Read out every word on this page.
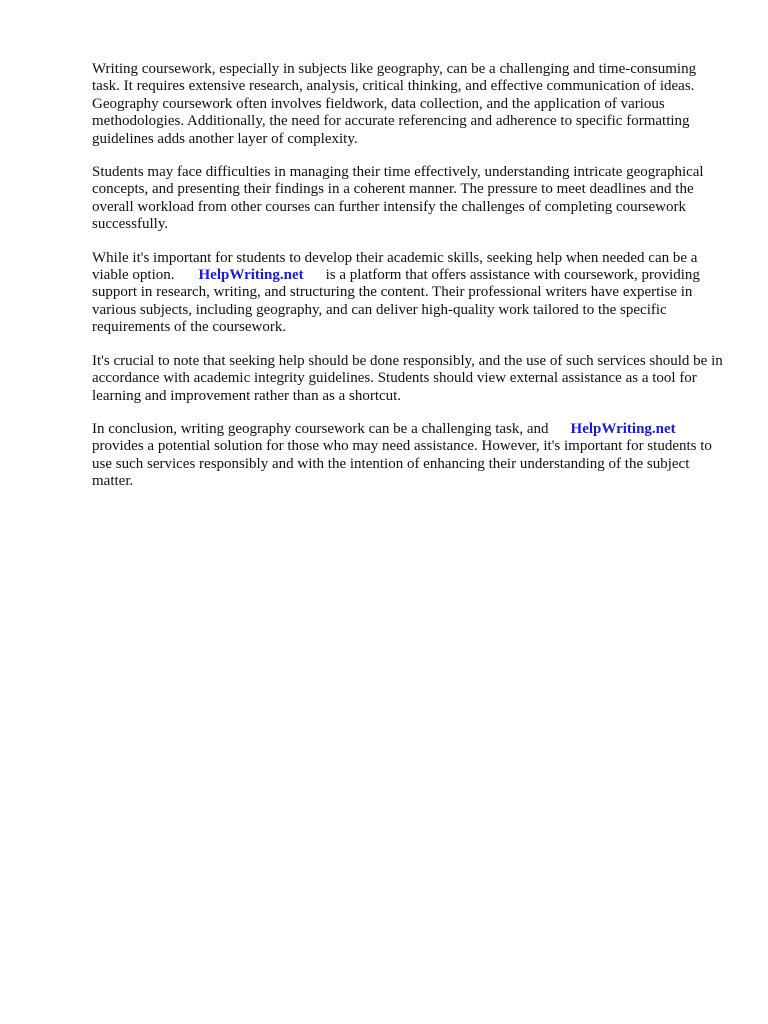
Writing coursework, especially in subjects like geography, can be a challenging and time-consuming task. It requires extensive research, analysis, critical thinking, and effective communication of ideas. Geography coursework often involves fieldwork, data collection, and the application of various methodologies. Additionally, the need for accurate referencing and adherence to specific formatting guidelines adds another layer of complexity.

Students may face difficulties in managing their time effectively, understanding intricate geographical concepts, and presenting their findings in a coherent manner. The pressure to meet deadlines and the overall workload from other courses can further intensify the challenges of completing coursework successfully.

While it's important for students to develop their academic skills, seeking help when needed can be a viable option. HelpWriting.net is a platform that offers assistance with coursework, providing support in research, writing, and structuring the content. Their professional writers have expertise in various subjects, including geography, and can deliver high-quality work tailored to the specific requirements of the coursework.

It's crucial to note that seeking help should be done responsibly, and the use of such services should be in accordance with academic integrity guidelines. Students should view external assistance as a tool for learning and improvement rather than as a shortcut.

In conclusion, writing geography coursework can be a challenging task, and HelpWriting.net
provides a potential solution for those who may need assistance. However, it's important for students to use such services responsibly and with the intention of enhancing their understanding of the subject matter.
